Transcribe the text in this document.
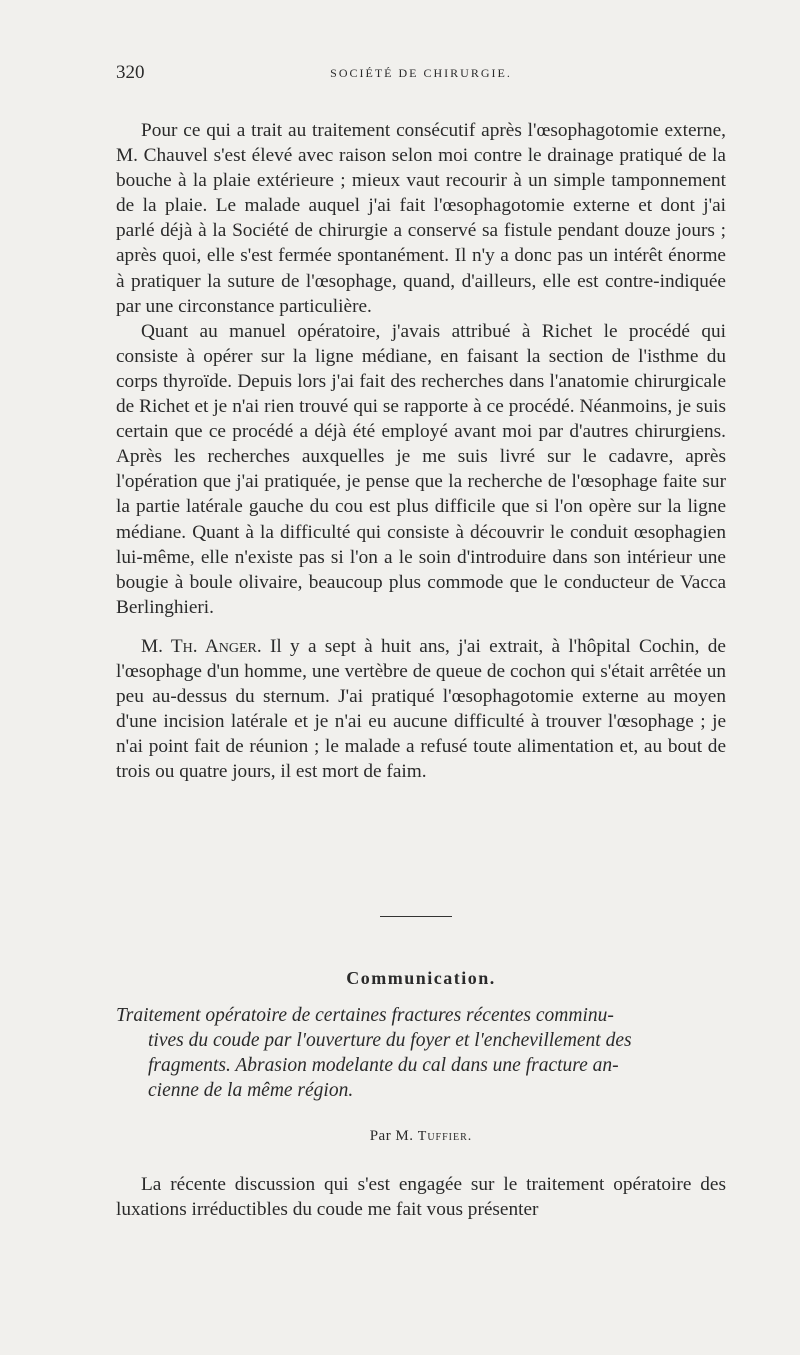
320	SOCIÉTÉ DE CHIRURGIE.

Pour ce qui a trait au traitement consécutif après l'œsophagotomie externe, M. Chauvel s'est élevé avec raison selon moi contre le drainage pratiqué de la bouche à la plaie extérieure ; mieux vaut recourir à un simple tamponnement de la plaie. Le malade auquel j'ai fait l'œsophagotomie externe et dont j'ai parlé déjà à la Société de chirurgie a conservé sa fistule pendant douze jours ; après quoi, elle s'est fermée spontanément. Il n'y a donc pas un intérêt énorme à pratiquer la suture de l'œsophage, quand, d'ailleurs, elle est contre-indiquée par une circonstance particulière.

Quant au manuel opératoire, j'avais attribué à Richet le procédé qui consiste à opérer sur la ligne médiane, en faisant la section de l'isthme du corps thyroïde. Depuis lors j'ai fait des recherches dans l'anatomie chirurgicale de Richet et je n'ai rien trouvé qui se rapporte à ce procédé. Néanmoins, je suis certain que ce procédé a déjà été employé avant moi par d'autres chirurgiens. Après les recherches auxquelles je me suis livré sur le cadavre, après l'opération que j'ai pratiquée, je pense que la recherche de l'œsophage faite sur la partie latérale gauche du cou est plus difficile que si l'on opère sur la ligne médiane. Quant à la difficulté qui consiste à découvrir le conduit œsophagien lui-même, elle n'existe pas si l'on a le soin d'introduire dans son intérieur une bougie à boule olivaire, beaucoup plus commode que le conducteur de Vacca Berlinghieri.

M. Th. Anger. Il y a sept à huit ans, j'ai extrait, à l'hôpital Cochin, de l'œsophage d'un homme, une vertèbre de queue de cochon qui s'était arrêtée un peu au-dessus du sternum. J'ai pratiqué l'œsophagotomie externe au moyen d'une incision latérale et je n'ai eu aucune difficulté à trouver l'œsophage ; je n'ai point fait de réunion ; le malade a refusé toute alimentation et, au bout de trois ou quatre jours, il est mort de faim.

Communication.
Traitement opératoire de certaines fractures récentes comminu-
tives du coude par l'ouverture du foyer et l'enchevillement des
fragments. Abrasion modelante du cal dans une fracture an-
cienne de la même région.
Par M. Tuffier.

La récente discussion qui s'est engagée sur le traitement opératoire des luxations irréductibles du coude me fait vous présenter
